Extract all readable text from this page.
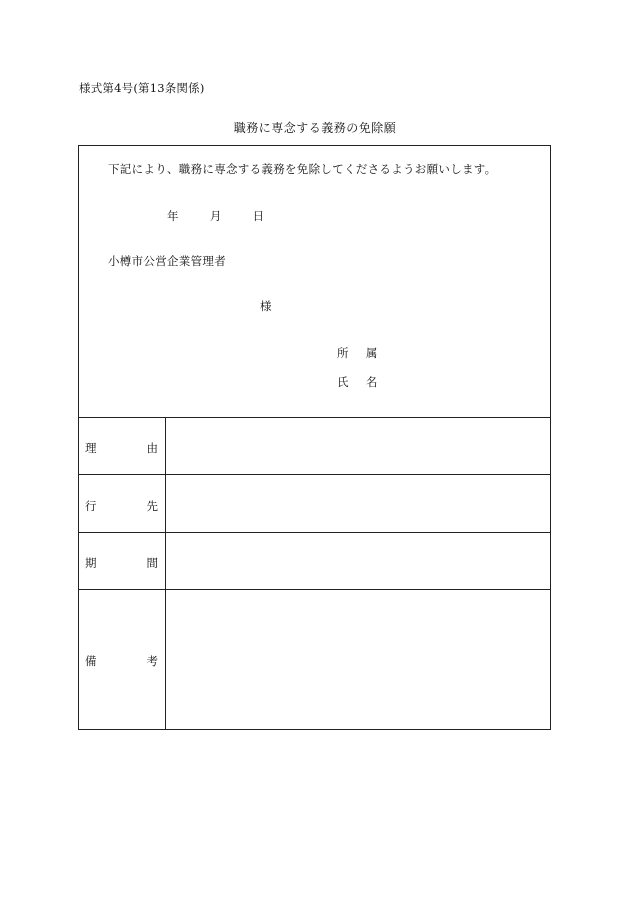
様式第4号(第13条関係)
職務に専念する義務の免除願
下記により、職務に専念する義務を免除してくださるようお願いします。
年	月	日
小樽市公営企業管理者
様
所 属
氏 名
理	由
行	先
期	間
備	考
